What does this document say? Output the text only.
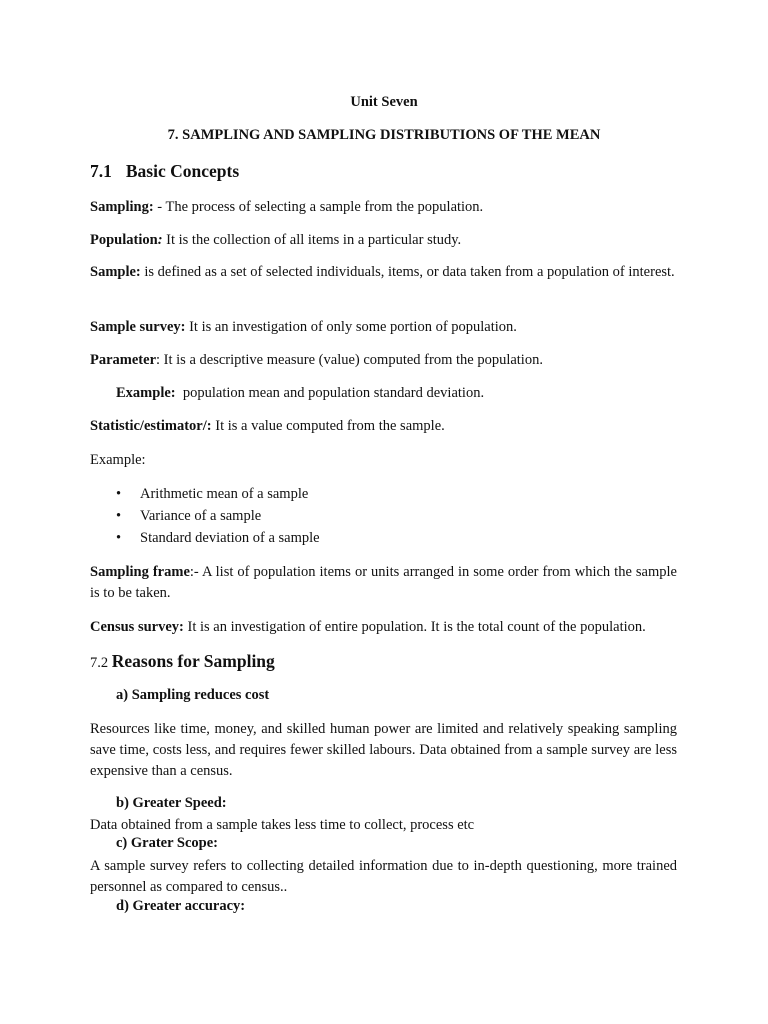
Unit Seven
7. SAMPLING AND SAMPLING DISTRIBUTIONS OF THE MEAN
7.1 Basic Concepts
Sampling: - The process of selecting a sample from the population.
Population: It is the collection of all items in a particular study.
Sample: is defined as a set of selected individuals, items, or data taken from a population of interest.
Sample survey: It is an investigation of only some portion of population.
Parameter: It is a descriptive measure (value) computed from the population.
Example:  population mean and population standard deviation.
Statistic/estimator/: It is a value computed from the sample.
Example:
• Arithmetic mean of a sample
• Variance of a sample
• Standard deviation of a sample
Sampling frame:- A list of population items or units arranged in some order from which the sample is to be taken.
Census survey: It is an investigation of entire population. It is the total count of the population.
7.2 Reasons for Sampling
a) Sampling reduces cost
Resources like time, money, and skilled human power are limited and relatively speaking sampling save time, costs less, and requires fewer skilled labours. Data obtained from a sample survey are less expensive than a census.
b) Greater Speed:
Data obtained from a sample takes less time to collect, process etc
c) Grater Scope:
A sample survey refers to collecting detailed information due to in-depth questioning, more trained personnel as compared to census..
d) Greater accuracy:
